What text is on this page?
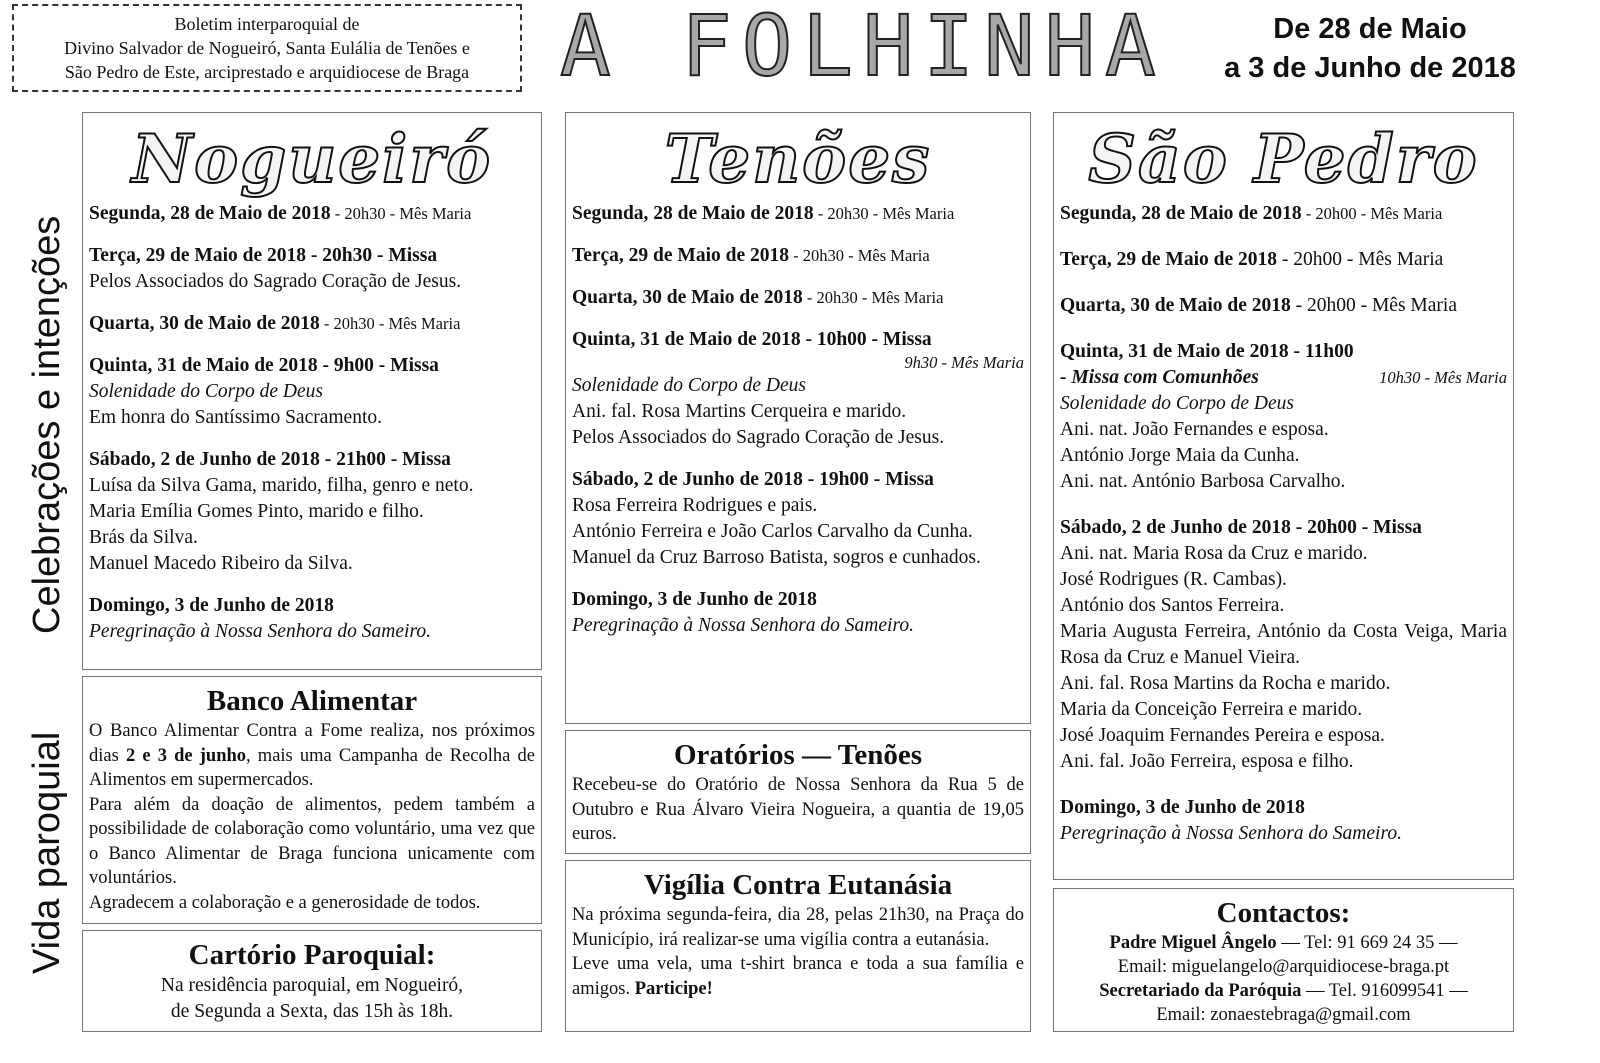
Boletim interparoquial de
Divino Salvador de Nogueiró, Santa Eulália de Tenões e
São Pedro de Este, arciprestado e arquidiocese de Braga	A FOLHINHA	De 28 de Maio
a 3 de Junho de 2018
Celebrações e intenções
Vida paroquial
Nogueiró
Segunda, 28 de Maio de 2018 - 20h30 - Mês Maria
Terça, 29 de Maio de 2018 - 20h30 - Missa
Pelos Associados do Sagrado Coração de Jesus.
Quarta, 30 de Maio de 2018 - 20h30 - Mês Maria
Quinta, 31 de Maio de 2018 - 9h00 - Missa
Solenidade do Corpo de Deus
Em honra do Santíssimo Sacramento.
Sábado, 2 de Junho de 2018 - 21h00 - Missa
Luísa da Silva Gama, marido, filha, genro e neto.
Maria Emília Gomes Pinto, marido e filho.
Brás da Silva.
Manuel Macedo Ribeiro da Silva.
Domingo, 3 de Junho de 2018
Peregrinação à Nossa Senhora do Sameiro.
Banco Alimentar
O Banco Alimentar Contra a Fome realiza, nos próximos dias 2 e 3 de junho, mais uma Campanha de Recolha de Alimentos em supermercados.
Para além da doação de alimentos, pedem também a possibilidade de colaboração como voluntário, uma vez que o Banco Alimentar de Braga funciona unicamente com voluntários.
Agradecem a colaboração e a generosidade de todos.
Cartório Paroquial:
Na residência paroquial, em Nogueiró,
de Segunda a Sexta, das 15h às 18h.
Tenões
Segunda, 28 de Maio de 2018 - 20h30 - Mês Maria
Terça, 29 de Maio de 2018 - 20h30 - Mês Maria
Quarta, 30 de Maio de 2018 - 20h30 - Mês Maria
Quinta, 31 de Maio de 2018 - 10h00 - Missa
9h30 - Mês Maria
Solenidade do Corpo de Deus
Ani. fal. Rosa Martins Cerqueira e marido.
Pelos Associados do Sagrado Coração de Jesus.
Sábado, 2 de Junho de 2018 - 19h00 - Missa
Rosa Ferreira Rodrigues e pais.
António Ferreira e João Carlos Carvalho da Cunha.
Manuel da Cruz Barroso Batista, sogros e cunhados.
Domingo, 3 de Junho de 2018
Peregrinação à Nossa Senhora do Sameiro.
Oratórios — Tenões
Recebeu-se do Oratório de Nossa Senhora da Rua 5 de Outubro e Rua Álvaro Vieira Nogueira, a quantia de 19,05 euros.
Vigília Contra Eutanásia
Na próxima segunda-feira, dia 28, pelas 21h30, na Praça do Município, irá realizar-se uma vigília contra a eutanásia.
Leve uma vela, uma t-shirt branca e toda a sua família e amigos. Participe!
São Pedro
Segunda, 28 de Maio de 2018 - 20h00 - Mês Maria
Terça, 29 de Maio de 2018 - 20h00 - Mês Maria
Quarta, 30 de Maio de 2018 - 20h00 - Mês Maria
Quinta, 31 de Maio de 2018 - 11h00
- Missa com Comunhões	10h30 - Mês Maria
Solenidade do Corpo de Deus
Ani. nat. João Fernandes e esposa.
António Jorge Maia da Cunha.
Ani. nat. António Barbosa Carvalho.
Sábado, 2 de Junho de 2018 - 20h00 - Missa
Ani. nat. Maria Rosa da Cruz e marido.
José Rodrigues (R. Cambas).
António dos Santos Ferreira.
Maria Augusta Ferreira, António da Costa Veiga, Maria Rosa da Cruz e Manuel Vieira.
Ani. fal. Rosa Martins da Rocha e marido.
Maria da Conceição Ferreira e marido.
José Joaquim Fernandes Pereira e esposa.
Ani. fal. João Ferreira, esposa e filho.
Domingo, 3 de Junho de 2018
Peregrinação à Nossa Senhora do Sameiro.
Contactos:
Padre Miguel Ângelo — Tel: 91 669 24 35 —
Email: miguelangelo@arquidiocese-braga.pt
Secretariado da Paróquia — Tel. 916099541 —
Email: zonaestebraga@gmail.com
